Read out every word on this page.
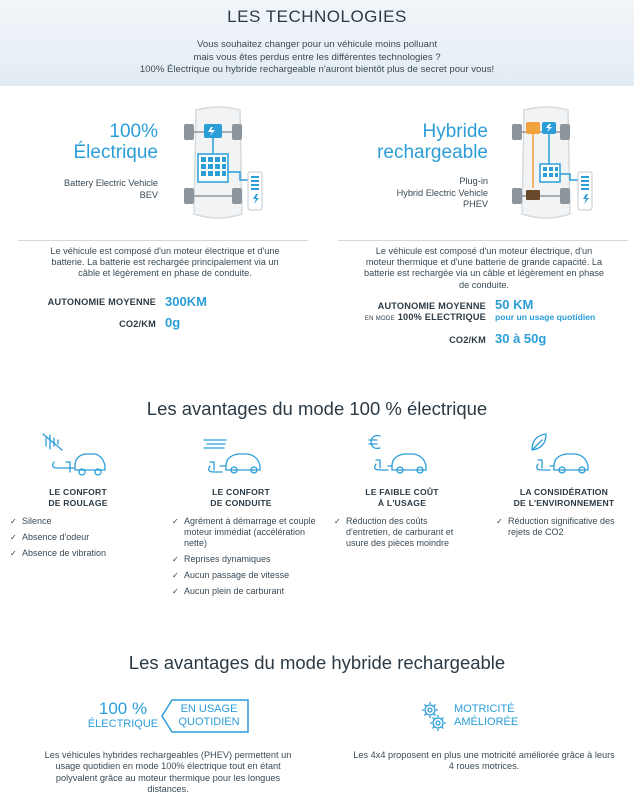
LES TECHNOLOGIES

Vous souhaitez changer pour un véhicule moins polluant
mais vous êtes perdus entre les différentes technologies ?
100% Électrique ou hybride rechargeable n'auront bientôt plus de secret pour vous!

100%
Électrique
Battery Electric Vehicle
BEV
Le véhicule est composé d'un moteur électrique et d'une
batterie. La batterie est rechargée principalement via un
câble et légèrement en phase de conduite.
AUTONOMIE MOYENNE 300KM
CO2/KM 0g
Hybride
rechargeable
Plug-in
Hybrid Electric Vehicle
PHEV
Le véhicule est composé d'un moteur électrique, d'un
moteur thermique et d'une batterie de grande capacité. La
batterie est rechargée via un câble et légèrement en phase
de conduite.
AUTONOMIE MOYENNE
EN MODE 100% ELECTRIQUE
50 KM
pour un usage quotidien
CO2/KM 30 à 50g
Les avantages du mode 100 % électrique
LE CONFORT
DE ROULAGE
LE CONFORT
DE CONDUITE
LE FAIBLE COÛT
À L'USAGE
LA CONSIDÉRATION
DE L'ENVIRONNEMENT
✓ Silence
✓ Absence d'odeur
✓ Absence de vibration
✓ Agrément à démarrage et couple moteur immédiat (accélération nette)
✓ Reprises dynamiques
✓ Aucun passage de vitesse
✓ Aucun plein de carburant
✓ Réduction des coûts d'entretien, de carburant et usure des pièces moindre
✓ Réduction significative des rejets de CO2
Les avantages du mode hybride rechargeable
100 %
ÉLECTRIQUE
EN USAGE
QUOTIDIEN
MOTRICITÉ
AMÉLIORÉE
Les véhicules hybrides rechargeables (PHEV) permettent un
usage quotidien en mode 100% électrique tout en étant
polyvalent grâce au moteur thermique pour les longues
distances.
Les 4x4 proposent en plus une motricité améliorée grâce à leurs
4 roues motrices.
